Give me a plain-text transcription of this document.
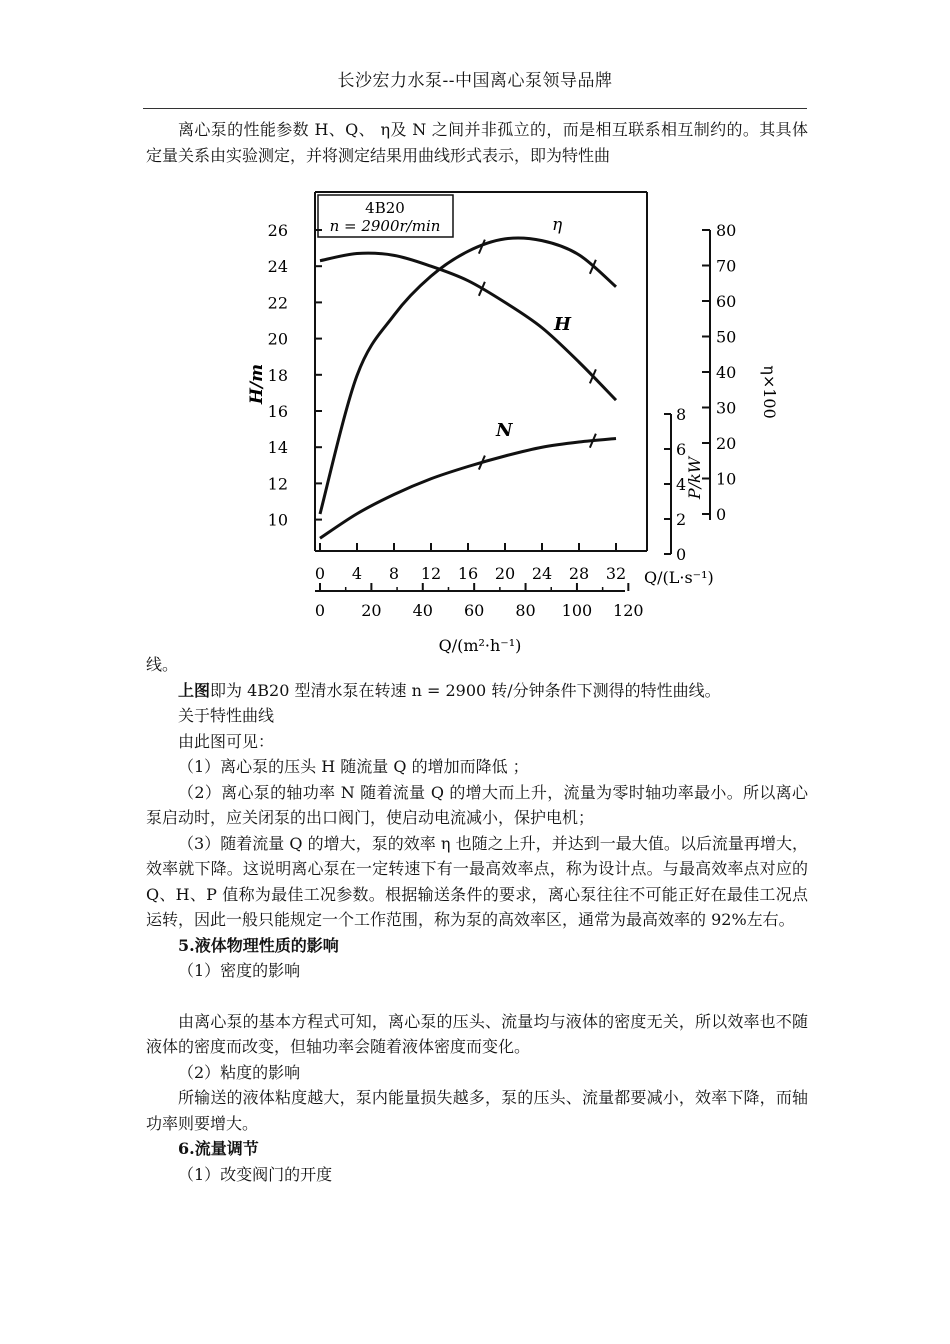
长沙宏力水泵--中国离心泵领导品牌

离心泵的性能参数 H、Q、 η及 N 之间并非孤立的，而是相互联系相互制约的。其具体定量关系由实验测定，并将测定结果用曲线形式表示，即为特性曲

4B20
n = 2900r/min	η
H
N
H/m
P/kW
η×100
Q/(L·s⁻¹)
Q/(m²·h⁻¹)
10
12
14
16
18
20
22
24
26
0
10
20
30
40
50
60
70
80
0
2
4
6
8
0 4 8 12 16 20 24 28 32
0 20 40 60 80 100 120

线。

上图即为 4B20 型清水泵在转速 n = 2900 转/分钟条件下测得的特性曲线。

关于特性曲线

由此图可见：

（1）离心泵的压头 H 随流量 Q 的增加而降低 ；

（2）离心泵的轴功率 N 随着流量 Q 的增大而上升，流量为零时轴功率最小。所以离心泵启动时，应关闭泵的出口阀门，使启动电流减小，保护电机；

（3）随着流量 Q 的增大，泵的效率 η 也随之上升，并达到一最大值。以后流量再增大，效率就下降。这说明离心泵在一定转速下有一最高效率点，称为设计点。与最高效率点对应的 Q、H、P 值称为最佳工况参数。根据输送条件的要求，离心泵往往不可能正好在最佳工况点运转，因此一般只能规定一个工作范围，称为泵的高效率区，通常为最高效率的 92%左右。

5.液体物理性质的影响

（1）密度的影响

由离心泵的基本方程式可知，离心泵的压头、流量均与液体的密度无关，所以效率也不随液体的密度而改变，但轴功率会随着液体密度而变化。

（2）粘度的影响

所输送的液体粘度越大，泵内能量损失越多，泵的压头、流量都要减小，效率下降，而轴功率则要增大。

6.流量调节

（1）改变阀门的开度
